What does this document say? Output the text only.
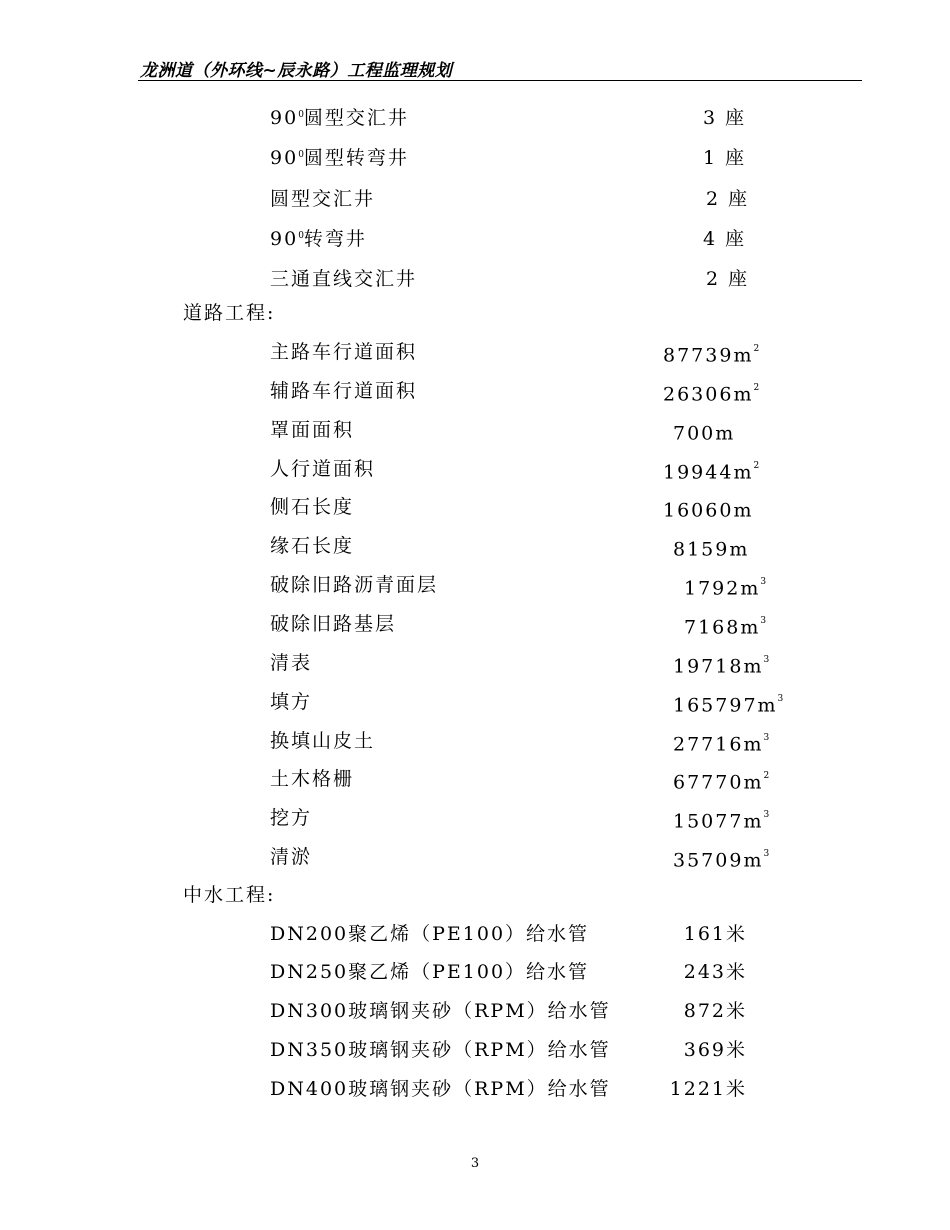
龙洲道（外环线~辰永路）工程监理规划
$90^0$圆型交汇井	3 座
$90^0$圆型转弯井	1 座
圆型交汇井	2 座
$90^0$转弯井	4 座
三通直线交汇井	2 座
道路工程:
主路车行道面积	$87739m^2$
辅路车行道面积	$26306m^2$
罩面面积	700m
人行道面积	$19944m^2$
侧石长度	16060m
缘石长度	8159m
破除旧路沥青面层	$1792m^3$
破除旧路基层	$7168m^3$
清表	$19718m^3$
填方	$165797m^3$
换填山皮土	$27716m^3$
土木格栅	$67770m^2$
挖方	$15077m^3$
清淤	$35709m^3$
中水工程:
DN200聚乙烯（PE100）给水管	161米
DN250聚乙烯（PE100）给水管	243米
DN300玻璃钢夹砂（RPM）给水管	872米
DN350玻璃钢夹砂（RPM）给水管	369米
DN400玻璃钢夹砂（RPM）给水管	1221米
3
